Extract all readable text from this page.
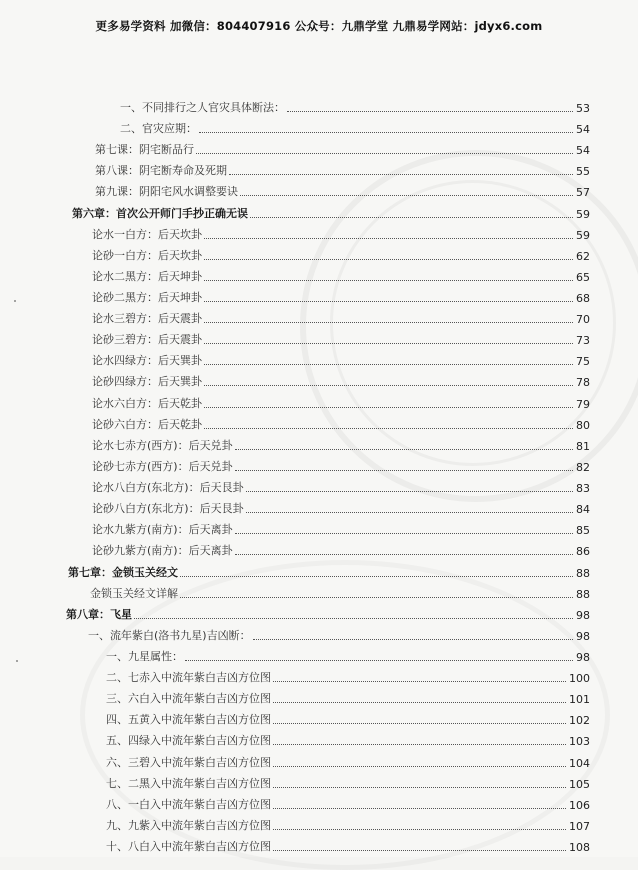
更多易学资料 加微信：804407916 公众号：九鼎学堂 九鼎易学网站：jdyx6.com
一、不同排行之人官灾具体断法：	53
二、官灾应期：	54
第七课：阴宅断品行	54
第八课：阴宅断寿命及死期	55
第九课：阴阳宅风水调整要诀	57
第六章：首次公开师门手抄正确无误	59
论水一白方：后天坎卦	59
论砂一白方：后天坎卦	62
论水二黑方：后天坤卦	65
论砂二黑方：后天坤卦	68
论水三碧方：后天震卦	70
论砂三碧方：后天震卦	73
论水四绿方：后天巽卦	75
论砂四绿方：后天巽卦	78
论水六白方：后天乾卦	79
论砂六白方：后天乾卦	80
论水七赤方(西方)：后天兑卦	81
论砂七赤方(西方)：后天兑卦	82
论水八白方(东北方)：后天艮卦	83
论砂八白方(东北方)：后天艮卦	84
论水九紫方(南方)：后天离卦	85
论砂九紫方(南方)：后天离卦	86
第七章：金锁玉关经文	88
金锁玉关经文详解	88
第八章：飞星	98
一、流年紫白(洛书九星)吉凶断：	98
一、九星属性：	98
二、七赤入中流年紫白吉凶方位图	100
三、六白入中流年紫白吉凶方位图	101
四、五黄入中流年紫白吉凶方位图	102
五、四绿入中流年紫白吉凶方位图	103
六、三碧入中流年紫白吉凶方位图	104
七、二黑入中流年紫白吉凶方位图	105
八、一白入中流年紫白吉凶方位图	106
九、九紫入中流年紫白吉凶方位图	107
十、八白入中流年紫白吉凶方位图	108
